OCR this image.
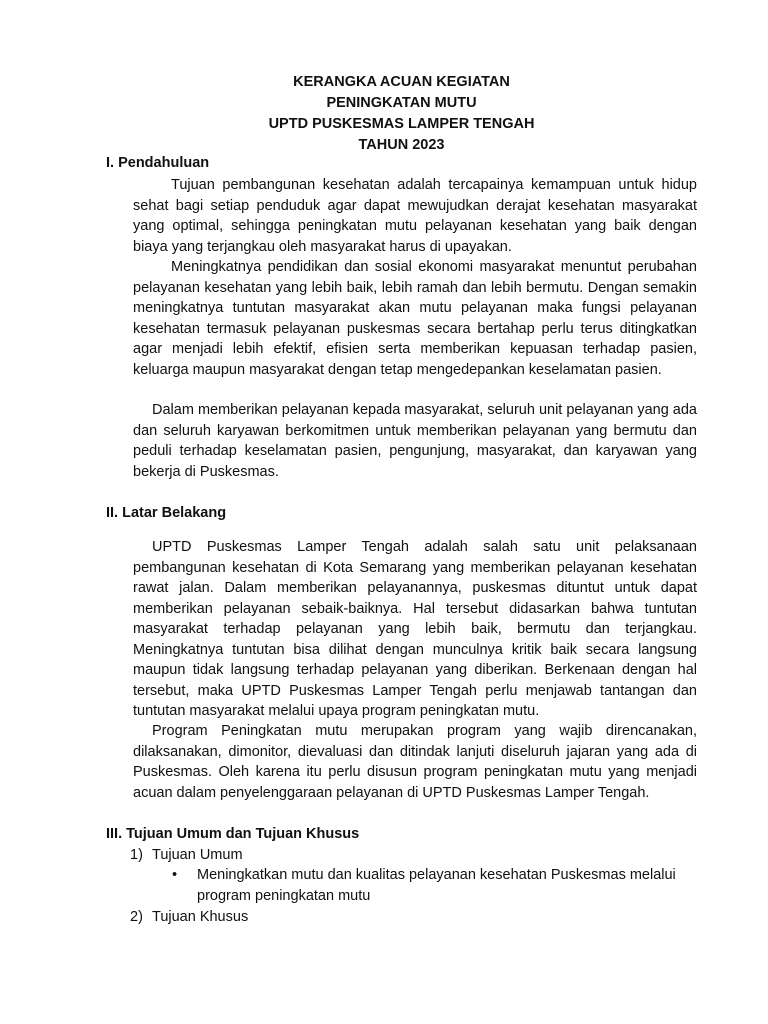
KERANGKA ACUAN KEGIATAN
PENINGKATAN MUTU
UPTD PUSKESMAS LAMPER TENGAH
TAHUN 2023
I. Pendahuluan
Tujuan pembangunan kesehatan adalah tercapainya kemampuan untuk hidup sehat bagi setiap penduduk agar dapat mewujudkan derajat kesehatan masyarakat yang optimal, sehingga peningkatan mutu pelayanan kesehatan yang baik dengan biaya yang terjangkau oleh masyarakat harus di upayakan.
Meningkatnya pendidikan dan sosial ekonomi masyarakat menuntut perubahan pelayanan kesehatan yang lebih baik, lebih ramah dan lebih bermutu. Dengan semakin meningkatnya tuntutan masyarakat akan mutu pelayanan maka fungsi pelayanan kesehatan termasuk pelayanan puskesmas secara bertahap perlu terus ditingkatkan agar menjadi lebih efektif, efisien serta memberikan kepuasan terhadap pasien, keluarga maupun masyarakat dengan tetap mengedepankan keselamatan pasien.
Dalam memberikan pelayanan kepada masyarakat, seluruh unit pelayanan yang ada dan seluruh karyawan berkomitmen untuk memberikan pelayanan yang bermutu dan peduli terhadap keselamatan pasien, pengunjung, masyarakat, dan karyawan yang bekerja di Puskesmas.
II. Latar Belakang
UPTD Puskesmas Lamper Tengah adalah salah satu unit pelaksanaan pembangunan kesehatan di Kota Semarang yang memberikan pelayanan kesehatan rawat jalan. Dalam memberikan pelayanannya, puskesmas dituntut untuk dapat memberikan pelayanan sebaik-baiknya. Hal tersebut didasarkan bahwa tuntutan masyarakat terhadap pelayanan yang lebih baik, bermutu dan terjangkau. Meningkatnya tuntutan bisa dilihat dengan munculnya kritik baik secara langsung maupun tidak langsung terhadap pelayanan yang diberikan. Berkenaan dengan hal tersebut, maka UPTD Puskesmas Lamper Tengah perlu menjawab tantangan dan tuntutan masyarakat melalui upaya program peningkatan mutu.
Program Peningkatan mutu merupakan program yang wajib direncanakan, dilaksanakan, dimonitor, dievaluasi dan ditindak lanjuti diseluruh jajaran yang ada di Puskesmas. Oleh karena itu perlu disusun program peningkatan mutu yang menjadi acuan dalam penyelenggaraan pelayanan di UPTD Puskesmas Lamper Tengah.
III. Tujuan Umum dan Tujuan Khusus
1) Tujuan Umum
•	Meningkatkan mutu dan kualitas pelayanan kesehatan Puskesmas melalui program peningkatan mutu
2) Tujuan Khusus
